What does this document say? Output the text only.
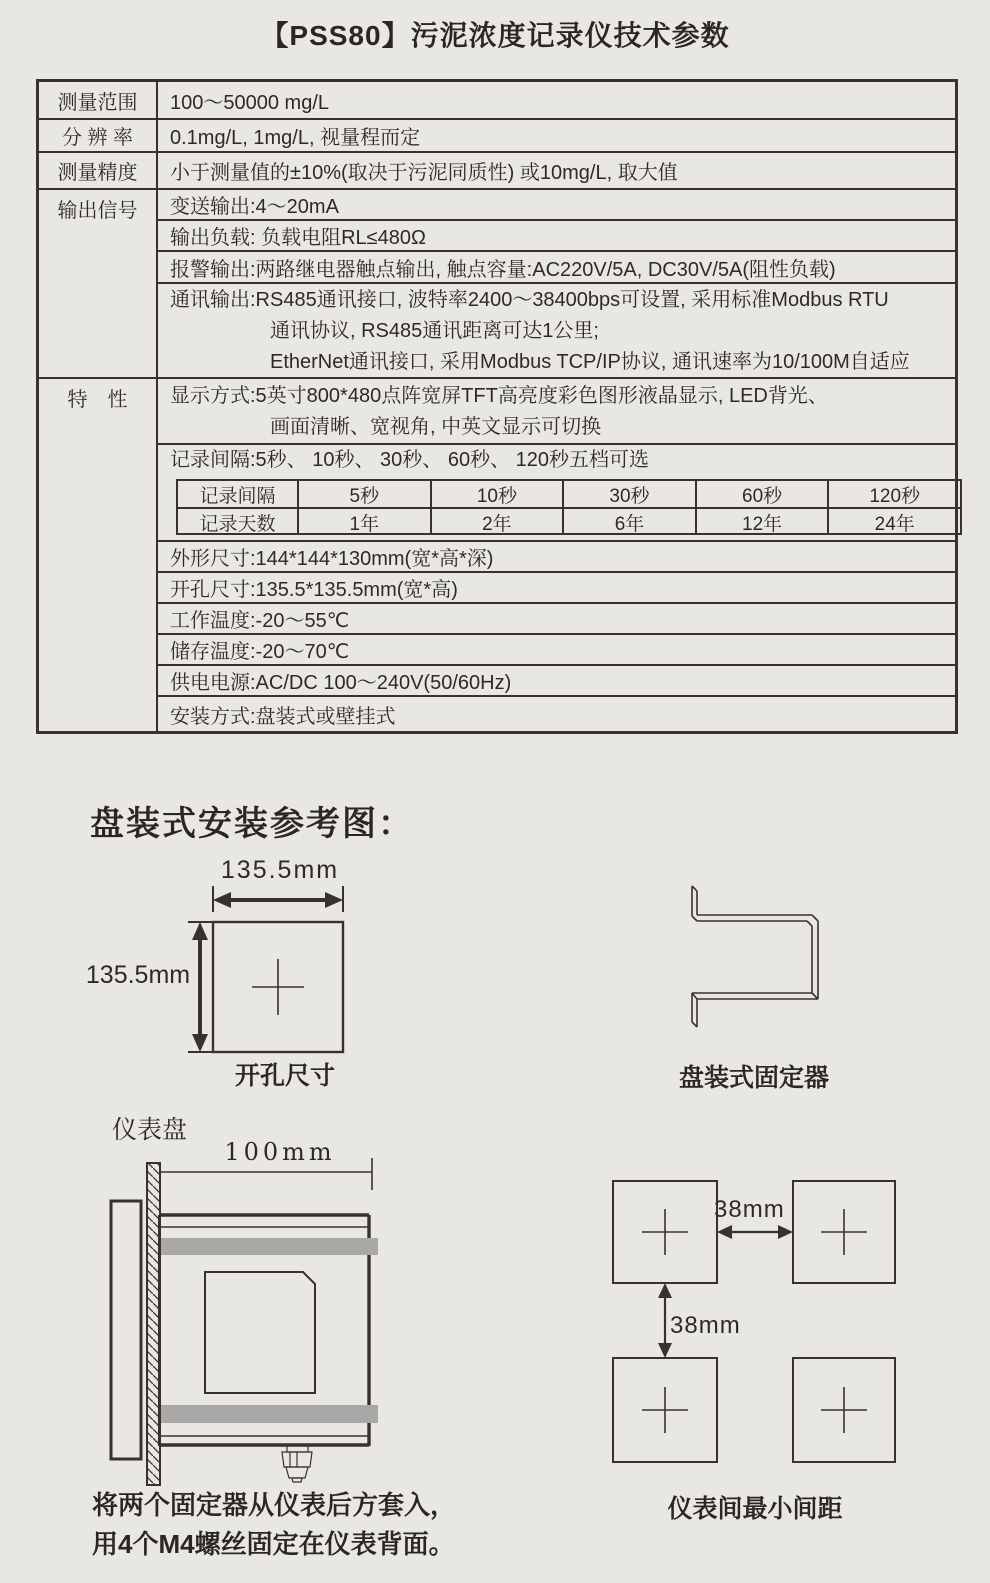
【PSS80】污泥浓度记录仪技术参数
测量范围	100～50000 mg/L
分 辨 率	0.1mg/L, 1mg/L, 视量程而定
测量精度	小于测量值的±10%(取决于污泥同质性) 或10mg/L, 取大值
输出信号	变送输出:4～20mA
输出负载: 负载电阻RL≤480Ω
报警输出:两路继电器触点输出, 触点容量:AC220V/5A, DC30V/5A(阻性负载)
通讯输出:RS485通讯接口, 波特率2400～38400bps可设置, 采用标准Modbus RTU
通讯协议, RS485通讯距离可达1公里;
EtherNet通讯接口, 采用Modbus TCP/IP协议, 通讯速率为10/100M自适应
特　性	显示方式:5英寸800*480点阵宽屏TFT高亮度彩色图形液晶显示, LED背光、
画面清晰、宽视角, 中英文显示可切换
记录间隔:5秒、 10秒、 30秒、 60秒、 120秒五档可选
记录间隔	5秒	10秒	30秒	60秒	120秒
记录天数	1年	2年	6年	12年	24年
外形尺寸:144*144*130mm(宽*高*深)
开孔尺寸:135.5*135.5mm(宽*高)
工作温度:-20～55℃
储存温度:-20～70℃
供电电源:AC/DC 100～240V(50/60Hz)
安装方式:盘装式或壁挂式
盘装式安装参考图：
135.5mm
135.5mm
开孔尺寸	盘装式固定器
仪表盘
100mm
38mm
38mm
仪表间最小间距
将两个固定器从仪表后方套入，
用4个M4螺丝固定在仪表背面。
